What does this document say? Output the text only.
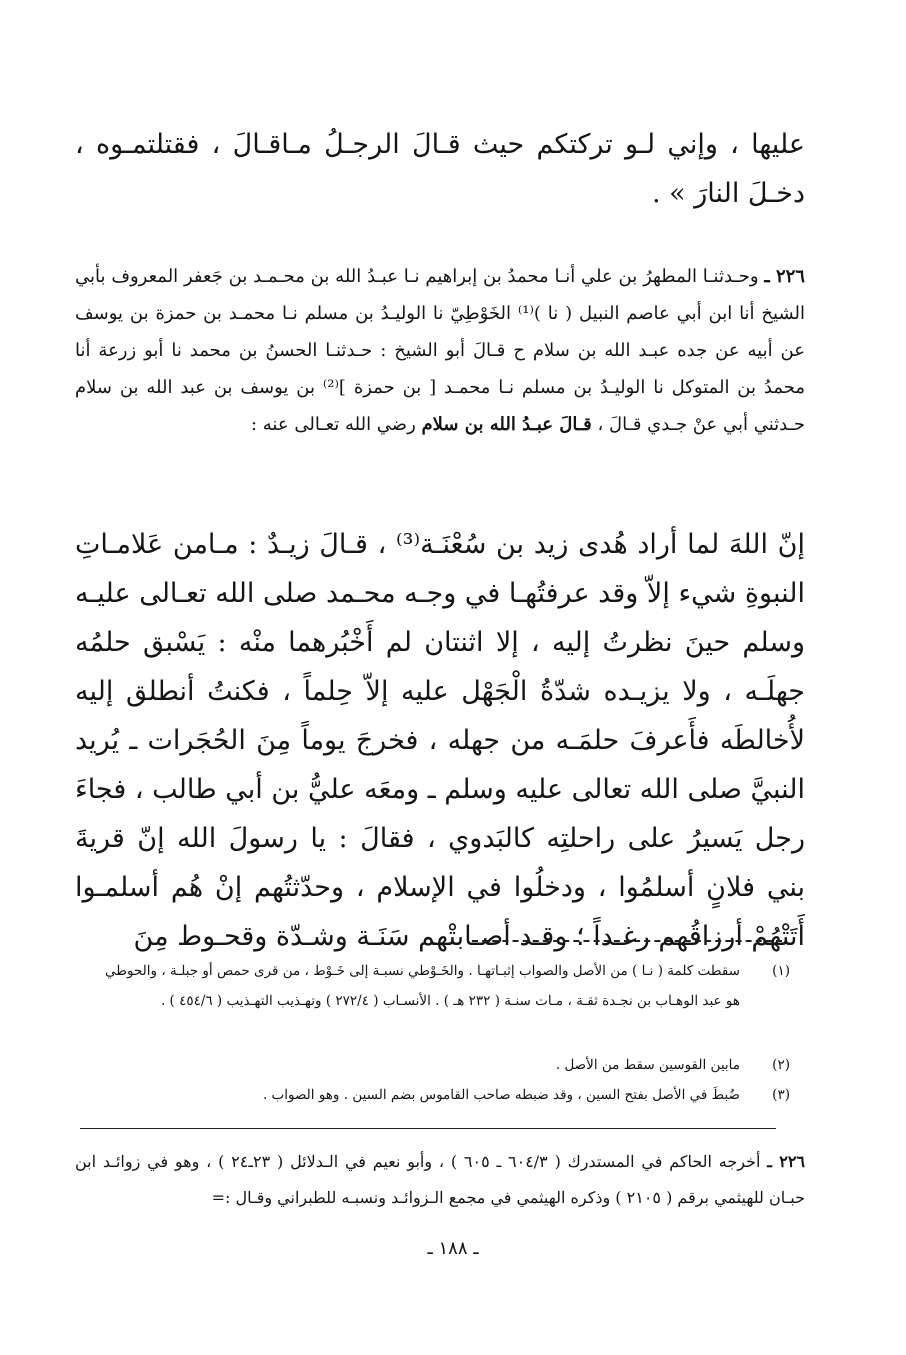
عليها ، وإني لـو تركتكم حيث قـالَ الرجـلُ مـاقـالَ ، فقتلتمـوه ، دخـلَ النارَ » .
٢٢٦ ـ وحـدثنـا المطهرُ بن علي أنـا محمدُ بن إبراهيم نـا عبـدُ الله بن محـمـد بن جَعفر المعروف بأبي الشيخ أنا ابن أبي عاصم النبيل ( نا )⁽¹⁾ الخَوْطِيّ نا الوليـدُ بن مسلم نـا محمـد بن حمزة بن يوسف عن أبيه عن جده عبـد الله بن سلام ح قـالَ أبو الشيخ : حـدثنـا الحسنُ بن محمد نا أبو زرعة أنا محمدُ بن المتوكل نا الوليـدُ بن مسلم نـا محمـد [ بن حمزة ]⁽²⁾ بن يوسف بن عبد الله بن سلام حـدثني أبي عنْ جـدي قـالَ ، قـالَ عبـدُ الله بن سلام رضي الله تعـالى عنه :
إنّ اللهَ لما أراد هُدى زيد بن سُعْنَـة⁽³⁾ ، قـالَ زيـدٌ : مـامن عَلامـاتِ النبوةِ شيء إلاّ وقد عرفتُهـا في وجـه محـمد صلى الله تعـالى عليـه وسلم حينَ نظرتُ إليه ، إلا اثنتان لم أَخْبُرهما منْه : يَسْبق حلمُه جهلَـه ، ولا يزيـده شدّةُ الْجَهْل عليه إلاّ حِلماً ، فكنتُ أنطلق إليه لأُخالطَه فأَعرفَ حلمَـه من جهله ، فخرجَ يوماً مِنَ الحُجَرات ـ يُريد النبيَّ صلى الله تعالى عليه وسلم ـ ومعَه عليُّ بن أبي طالب ، فجاءَ رجل يَسيرُ على راحلتِه كالبَدوي ، فقالَ : يا رسولَ الله إنّ قريةَ بني فلانٍ أسلمُوا ، ودخلُوا في الإسلام ، وحدّثتُهم إنْ هُم أسلمـوا أَتَتْهُمْ أرزاقُهم رغـداً ؛ وقـد أصـابتْهم سَنَـة وشـدّة وقحـوط مِنَ
(١)
سقطت كلمة ( نـا ) من الأصل والصواب إثبـاتهـا . والخَـوْطي نسبـة إلى خَـوْط ، من قرى حمص أو جبلـة ، والحوطي هو عبد الوهـاب بن نجـدة ثقـة ، مـات سنـة ( ٢٣٢ هـ ) . الأنسـاب ( ٢٧٢/٤ ) وتهـذيب التهـذيب ( ٤٥٤/٦ ) .
(٢)
مابين القوسين سقط من الأصل .
(٣)
ضُبطَ في الأصل بفتح السين ، وقد ضبطه صاحب القاموس بضم السين . وهو الصواب .
٢٢٦ ـ أخرجه الحاكم في المستدرك ( ٦٠٤/٣ ـ ٦٠٥ ) ، وأبو نعيم في الـدلائل ( ٢٣ـ٢٤ ) ، وهو في زوائـد ابن حبـان للهيثمي برقم ( ٢١٠٥ ) وذكره الهيثمي في مجمع الـزوائـد ونسبـه للطبراني وقـال :=
ـ ١٨٨ ـ
